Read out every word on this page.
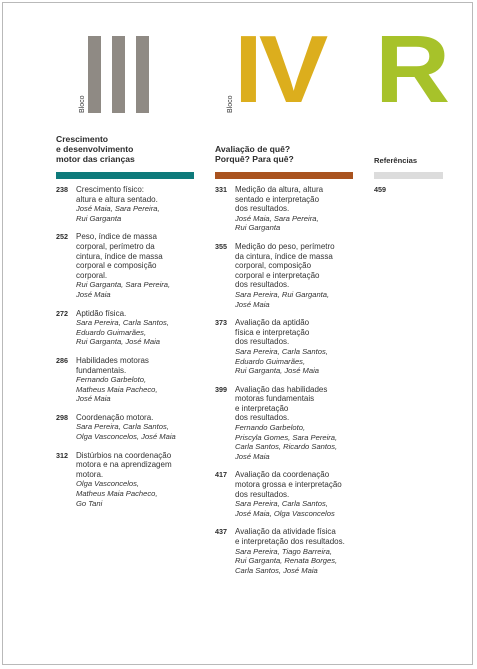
Bloco	Bloco IV R
Crescimento
e desenvolvimento
motor das crianças
Avaliação de quê?
Porquê? Para quê?	Referências
238 Crescimento físico:
altura e altura sentado.
José Maia, Sara Pereira,
Rui Garganta
252 Peso, índice de massa
corporal, perímetro da
cintura, índice de massa
corporal e composição
corporal.
Rui Garganta, Sara Pereira,
José Maia
272 Aptidão física.
Sara Pereira, Carla Santos,
Eduardo Guimarães,
Rui Garganta, José Maia
286 Habilidades motoras
fundamentais.
Fernando Garbeloto,
Matheus Maia Pacheco,
José Maia
298 Coordenação motora.
Sara Pereira, Carla Santos,
Olga Vasconcelos, José Maia
312 Distúrbios na coordenação
motora e na aprendizagem
motora.
Olga Vasconcelos,
Matheus Maia Pacheco,
Go Tani
331 Medição da altura, altura
sentado e interpretação
dos resultados.
José Maia, Sara Pereira,
Rui Garganta
355 Medição do peso, perímetro
da cintura, índice de massa
corporal, composição
corporal e interpretação
dos resultados.
Sara Pereira, Rui Garganta,
José Maia
373 Avaliação da aptidão
física e interpretação
dos resultados.
Sara Pereira, Carla Santos,
Eduardo Guimarães,
Rui Garganta, José Maia
399 Avaliação das habilidades
motoras fundamentais
e interpretação
dos resultados.
Fernando Garbeloto,
Priscyla Gomes, Sara Pereira,
Carla Santos, Ricardo Santos,
José Maia
417 Avaliação da coordenação
motora grossa e interpretação
dos resultados.
Sara Pereira, Carla Santos,
José Maia, Olga Vasconcelos
437 Avaliação da atividade física
e interpretação dos resultados.
Sara Pereira, Tiago Barreira,
Rui Garganta, Renata Borges,
Carla Santos, José Maia
459
